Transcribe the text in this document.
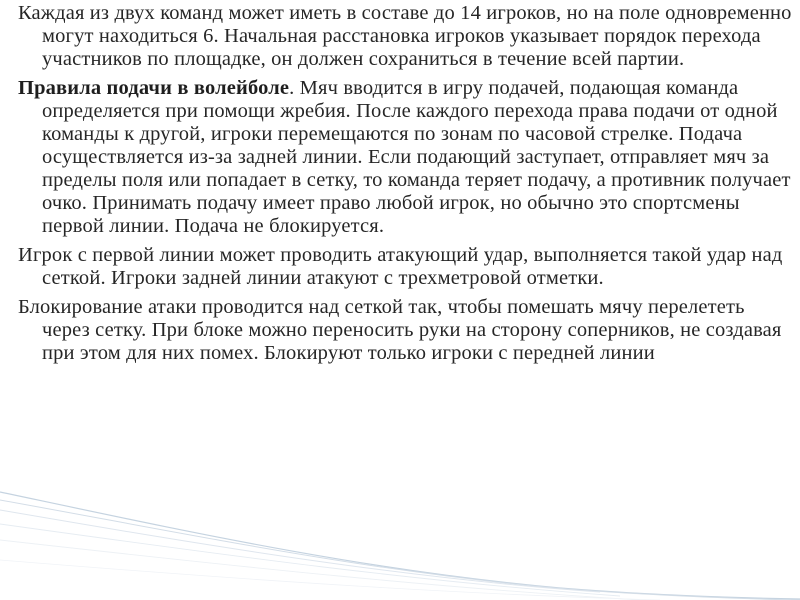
Каждая из двух команд может иметь в составе до 14 игроков, но на поле одновременно могут находиться 6. Начальная расстановка игроков указывает порядок перехода участников по площадке, он должен сохраниться в течение всей партии.

Правила подачи в волейболе. Мяч вводится в игру подачей, подающая команда определяется при помощи жребия. После каждого перехода права подачи от одной команды к другой, игроки перемещаются по зонам по часовой стрелке. Подача осуществляется из-за задней линии. Если подающий заступает, отправляет мяч за пределы поля или попадает в сетку, то команда теряет подачу, а противник получает очко. Принимать подачу имеет право любой игрок, но обычно это спортсмены первой линии. Подача не блокируется.

Игрок с первой линии может проводить атакующий удар, выполняется такой удар над сеткой. Игроки задней линии атакуют с трехметровой отметки.

Блокирование атаки проводится над сеткой так, чтобы помешать мячу перелететь через сетку. При блоке можно переносить руки на сторону соперников, не создавая при этом для них помех. Блокируют только игроки с передней линии
